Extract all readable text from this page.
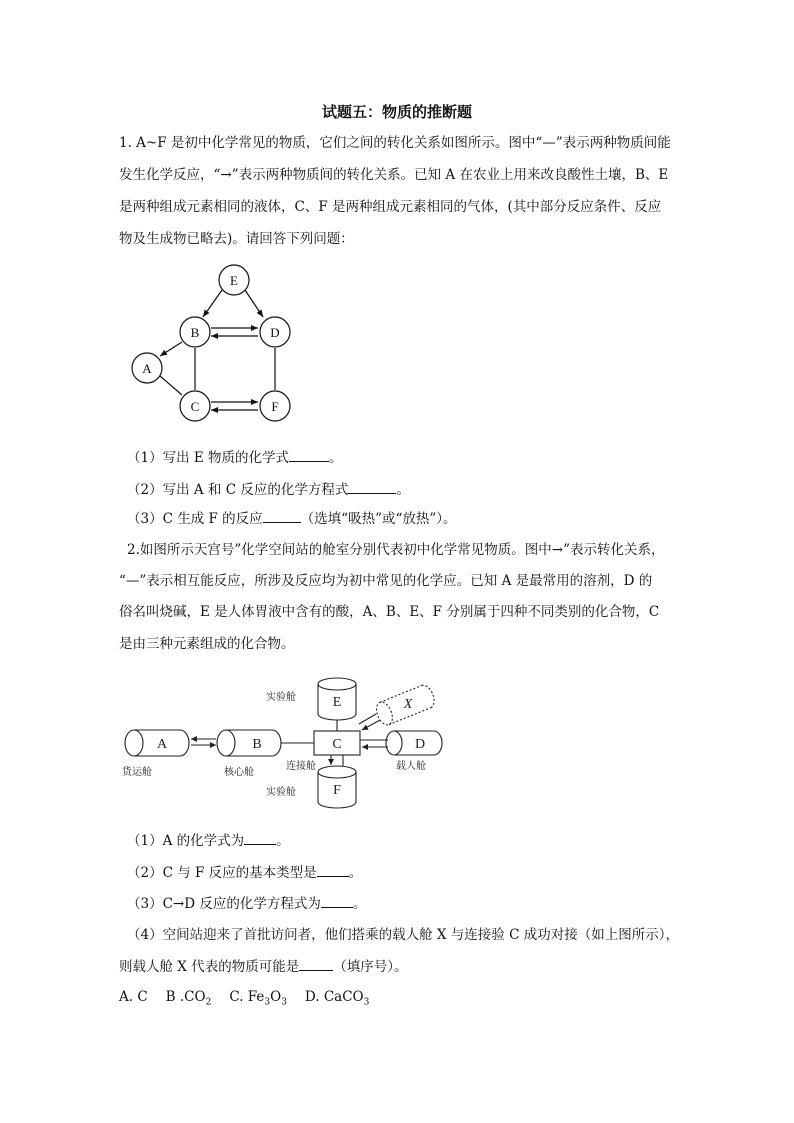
试题五：物质的推断题
1. A~F 是初中化学常见的物质，它们之间的转化关系如图所示。图中“—”表示两种物质间能
发生化学反应，“→”表示两种物质间的转化关系。已知 A 在农业上用来改良酸性土壤，B、E
是两种组成元素相同的液体，C、F 是两种组成元素相同的气体，(其中部分反应条件、反应
物及生成物已略去)。请回答下列问题：
E
B	D
A
C	F
（1）写出 E 物质的化学式	。
（2）写出 A 和 C 反应的化学方程式	。
（3）C 生成 F 的反应	（选填“吸热”或“放热”）。
2.如图所示天宫号”化学空间站的舱室分别代表初中化学常见物质。图中→”表示转化关系，
“—”表示相互能反应，所涉及反应均为初中常见的化学应。已知 A 是最常用的溶剂，D 的
俗名叫烧碱，E 是人体胃液中含有的酸，A、B、E、F 分别属于四种不同类别的化合物，C
是由三种元素组成的化合物。
A	B	C
E
F
D
X
货运舱	核心舱
连接舱	载人舱
实验舱
实验舱
（1）A 的化学式为 。
（2）C 与 F 反应的基本类型是 。
（3）C→D 反应的化学方程式为 。
（4）空间站迎来了首批访问者，他们搭乘的载人舱 X 与连接验 C 成功对接（如上图所示），
则载人舱 X 代表的物质可能是	（填序号）。
A. C B $.CO_2$ C. $Fe_3O_3$ D. CaCO$_3$
